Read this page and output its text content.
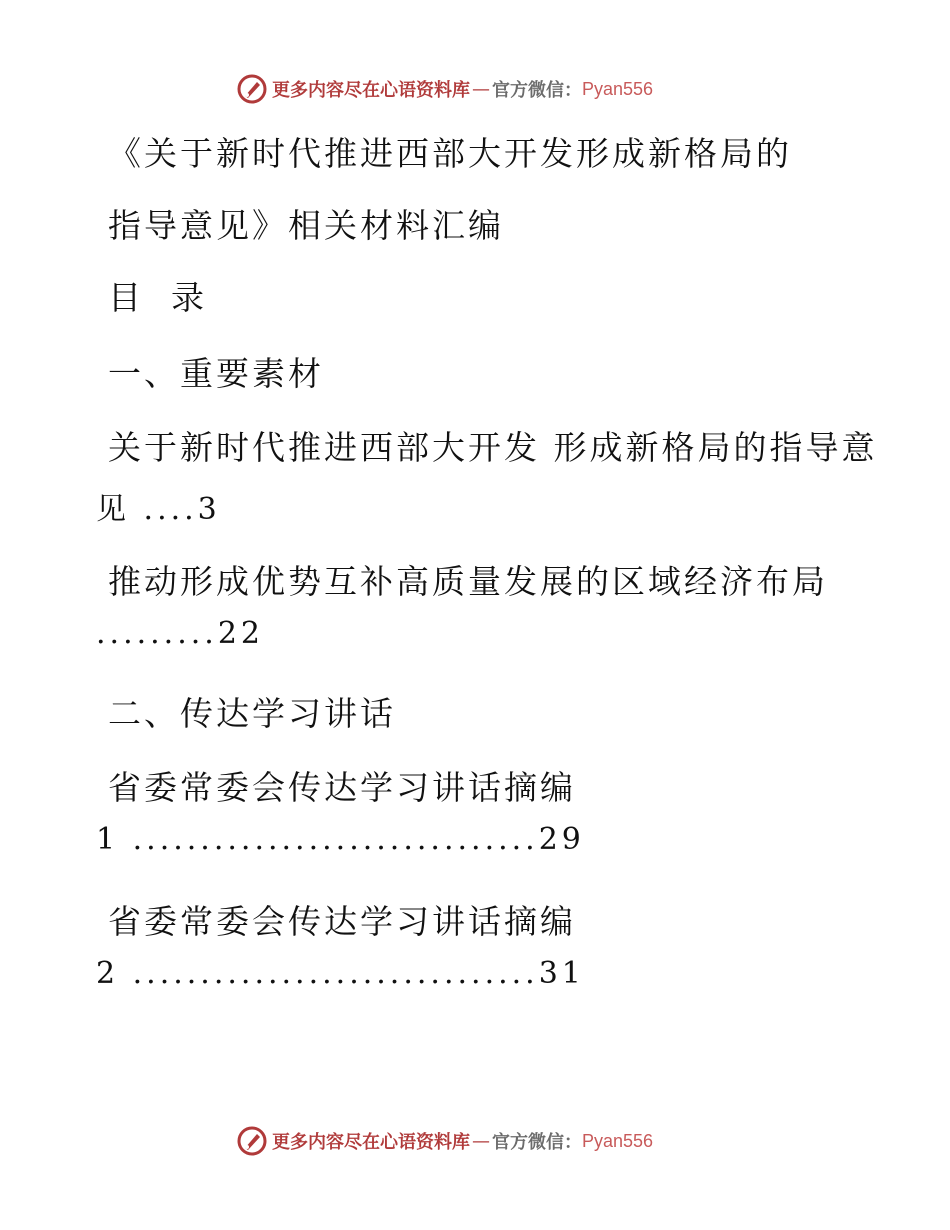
更多内容尽在心语资料库 — 官方微信： Pyan556
《关于新时代推进西部大开发形成新格局的
指导意见》相关材料汇编
目  录
一、重要素材
关于新时代推进西部大开发 形成新格局的指导意
见 ....3
推动形成优势互补高质量发展的区域经济布局
.........22
二、传达学习讲话
省委常委会传达学习讲话摘编
1 ..............................29
省委常委会传达学习讲话摘编
2 ..............................31
更多内容尽在心语资料库 — 官方微信： Pyan556
